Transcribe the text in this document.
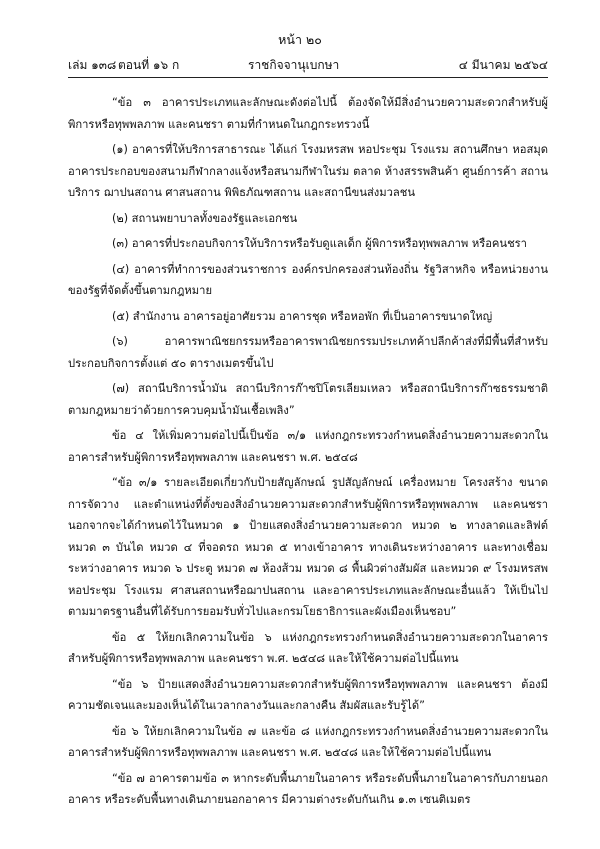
หน้า ๒๐
เล่ม ๑๓๘ ตอนที่ ๑๖ ก	ราชกิจจานุเบกษา	๔ มีนาคม ๒๕๖๔

“ข้อ ๓ อาคารประเภทและลักษณะดังต่อไปนี้ ต้องจัดให้มีสิ่งอำนวยความสะดวกสำหรับผู้พิการหรือทุพพลภาพ และคนชรา ตามที่กำหนดในกฎกระทรวงนี้

(๑) อาคารที่ให้บริการสาธารณะ ได้แก่ โรงมหรสพ หอประชุม โรงแรม สถานศึกษา หอสมุด อาคารประกอบของสนามกีฬากลางแจ้งหรือสนามกีฬาในร่ม ตลาด ห้างสรรพสินค้า ศูนย์การค้า สถานบริการ ฌาปนสถาน ศาสนสถาน พิพิธภัณฑสถาน และสถานีขนส่งมวลชน

(๒) สถานพยาบาลทั้งของรัฐและเอกชน

(๓) อาคารที่ประกอบกิจการให้บริการหรือรับดูแลเด็ก ผู้พิการหรือทุพพลภาพ หรือคนชรา

(๔) อาคารที่ทำการของส่วนราชการ องค์กรปกครองส่วนท้องถิ่น รัฐวิสาหกิจ หรือหน่วยงานของรัฐที่จัดตั้งขึ้นตามกฎหมาย

(๕) สำนักงาน อาคารอยู่อาศัยรวม อาคารชุด หรือหอพัก ที่เป็นอาคารขนาดใหญ่

(๖) อาคารพาณิชยกรรมหรืออาคารพาณิชยกรรมประเภทค้าปลีกค้าส่งที่มีพื้นที่สำหรับประกอบกิจการตั้งแต่ ๕๐ ตารางเมตรขึ้นไป

(๗) สถานีบริการน้ำมัน สถานีบริการก๊าซปิโตรเลียมเหลว หรือสถานีบริการก๊าซธรรมชาติตามกฎหมายว่าด้วยการควบคุมน้ำมันเชื้อเพลิง”

ข้อ ๔ ให้เพิ่มความต่อไปนี้เป็นข้อ ๓/๑ แห่งกฎกระทรวงกำหนดสิ่งอำนวยความสะดวกในอาคารสำหรับผู้พิการหรือทุพพลภาพ และคนชรา พ.ศ. ๒๕๔๘

“ข้อ ๓/๑ รายละเอียดเกี่ยวกับป้ายสัญลักษณ์ รูปสัญลักษณ์ เครื่องหมาย โครงสร้าง ขนาด การจัดวาง และตำแหน่งที่ตั้งของสิ่งอำนวยความสะดวกสำหรับผู้พิการหรือทุพพลภาพ และคนชรา นอกจากจะได้กำหนดไว้ในหมวด ๑ ป้ายแสดงสิ่งอำนวยความสะดวก หมวด ๒ ทางลาดและลิฟต์ หมวด ๓ บันได หมวด ๔ ที่จอดรถ หมวด ๕ ทางเข้าอาคาร ทางเดินระหว่างอาคาร และทางเชื่อมระหว่างอาคาร หมวด ๖ ประตู หมวด ๗ ห้องส้วม หมวด ๘ พื้นผิวต่างสัมผัส และหมวด ๙ โรงมหรสพ หอประชุม โรงแรม ศาสนสถานหรือฌาปนสถาน และอาคารประเภทและลักษณะอื่นแล้ว ให้เป็นไปตามมาตรฐานอื่นที่ได้รับการยอมรับทั่วไปและกรมโยธาธิการและผังเมืองเห็นชอบ”

ข้อ ๕ ให้ยกเลิกความในข้อ ๖ แห่งกฎกระทรวงกำหนดสิ่งอำนวยความสะดวกในอาคารสำหรับผู้พิการหรือทุพพลภาพ และคนชรา พ.ศ. ๒๕๔๘ และให้ใช้ความต่อไปนี้แทน

“ข้อ ๖ ป้ายแสดงสิ่งอำนวยความสะดวกสำหรับผู้พิการหรือทุพพลภาพ และคนชรา ต้องมีความชัดเจนและมองเห็นได้ในเวลากลางวันและกลางคืน สัมผัสและรับรู้ได้”

ข้อ ๖ ให้ยกเลิกความในข้อ ๗ และข้อ ๘ แห่งกฎกระทรวงกำหนดสิ่งอำนวยความสะดวกในอาคารสำหรับผู้พิการหรือทุพพลภาพ และคนชรา พ.ศ. ๒๕๔๘ และให้ใช้ความต่อไปนี้แทน

“ข้อ ๗ อาคารตามข้อ ๓ หากระดับพื้นภายในอาคาร หรือระดับพื้นภายในอาคารกับภายนอกอาคาร หรือระดับพื้นทางเดินภายนอกอาคาร มีความต่างระดับกันเกิน ๑.๓ เซนติเมตร
